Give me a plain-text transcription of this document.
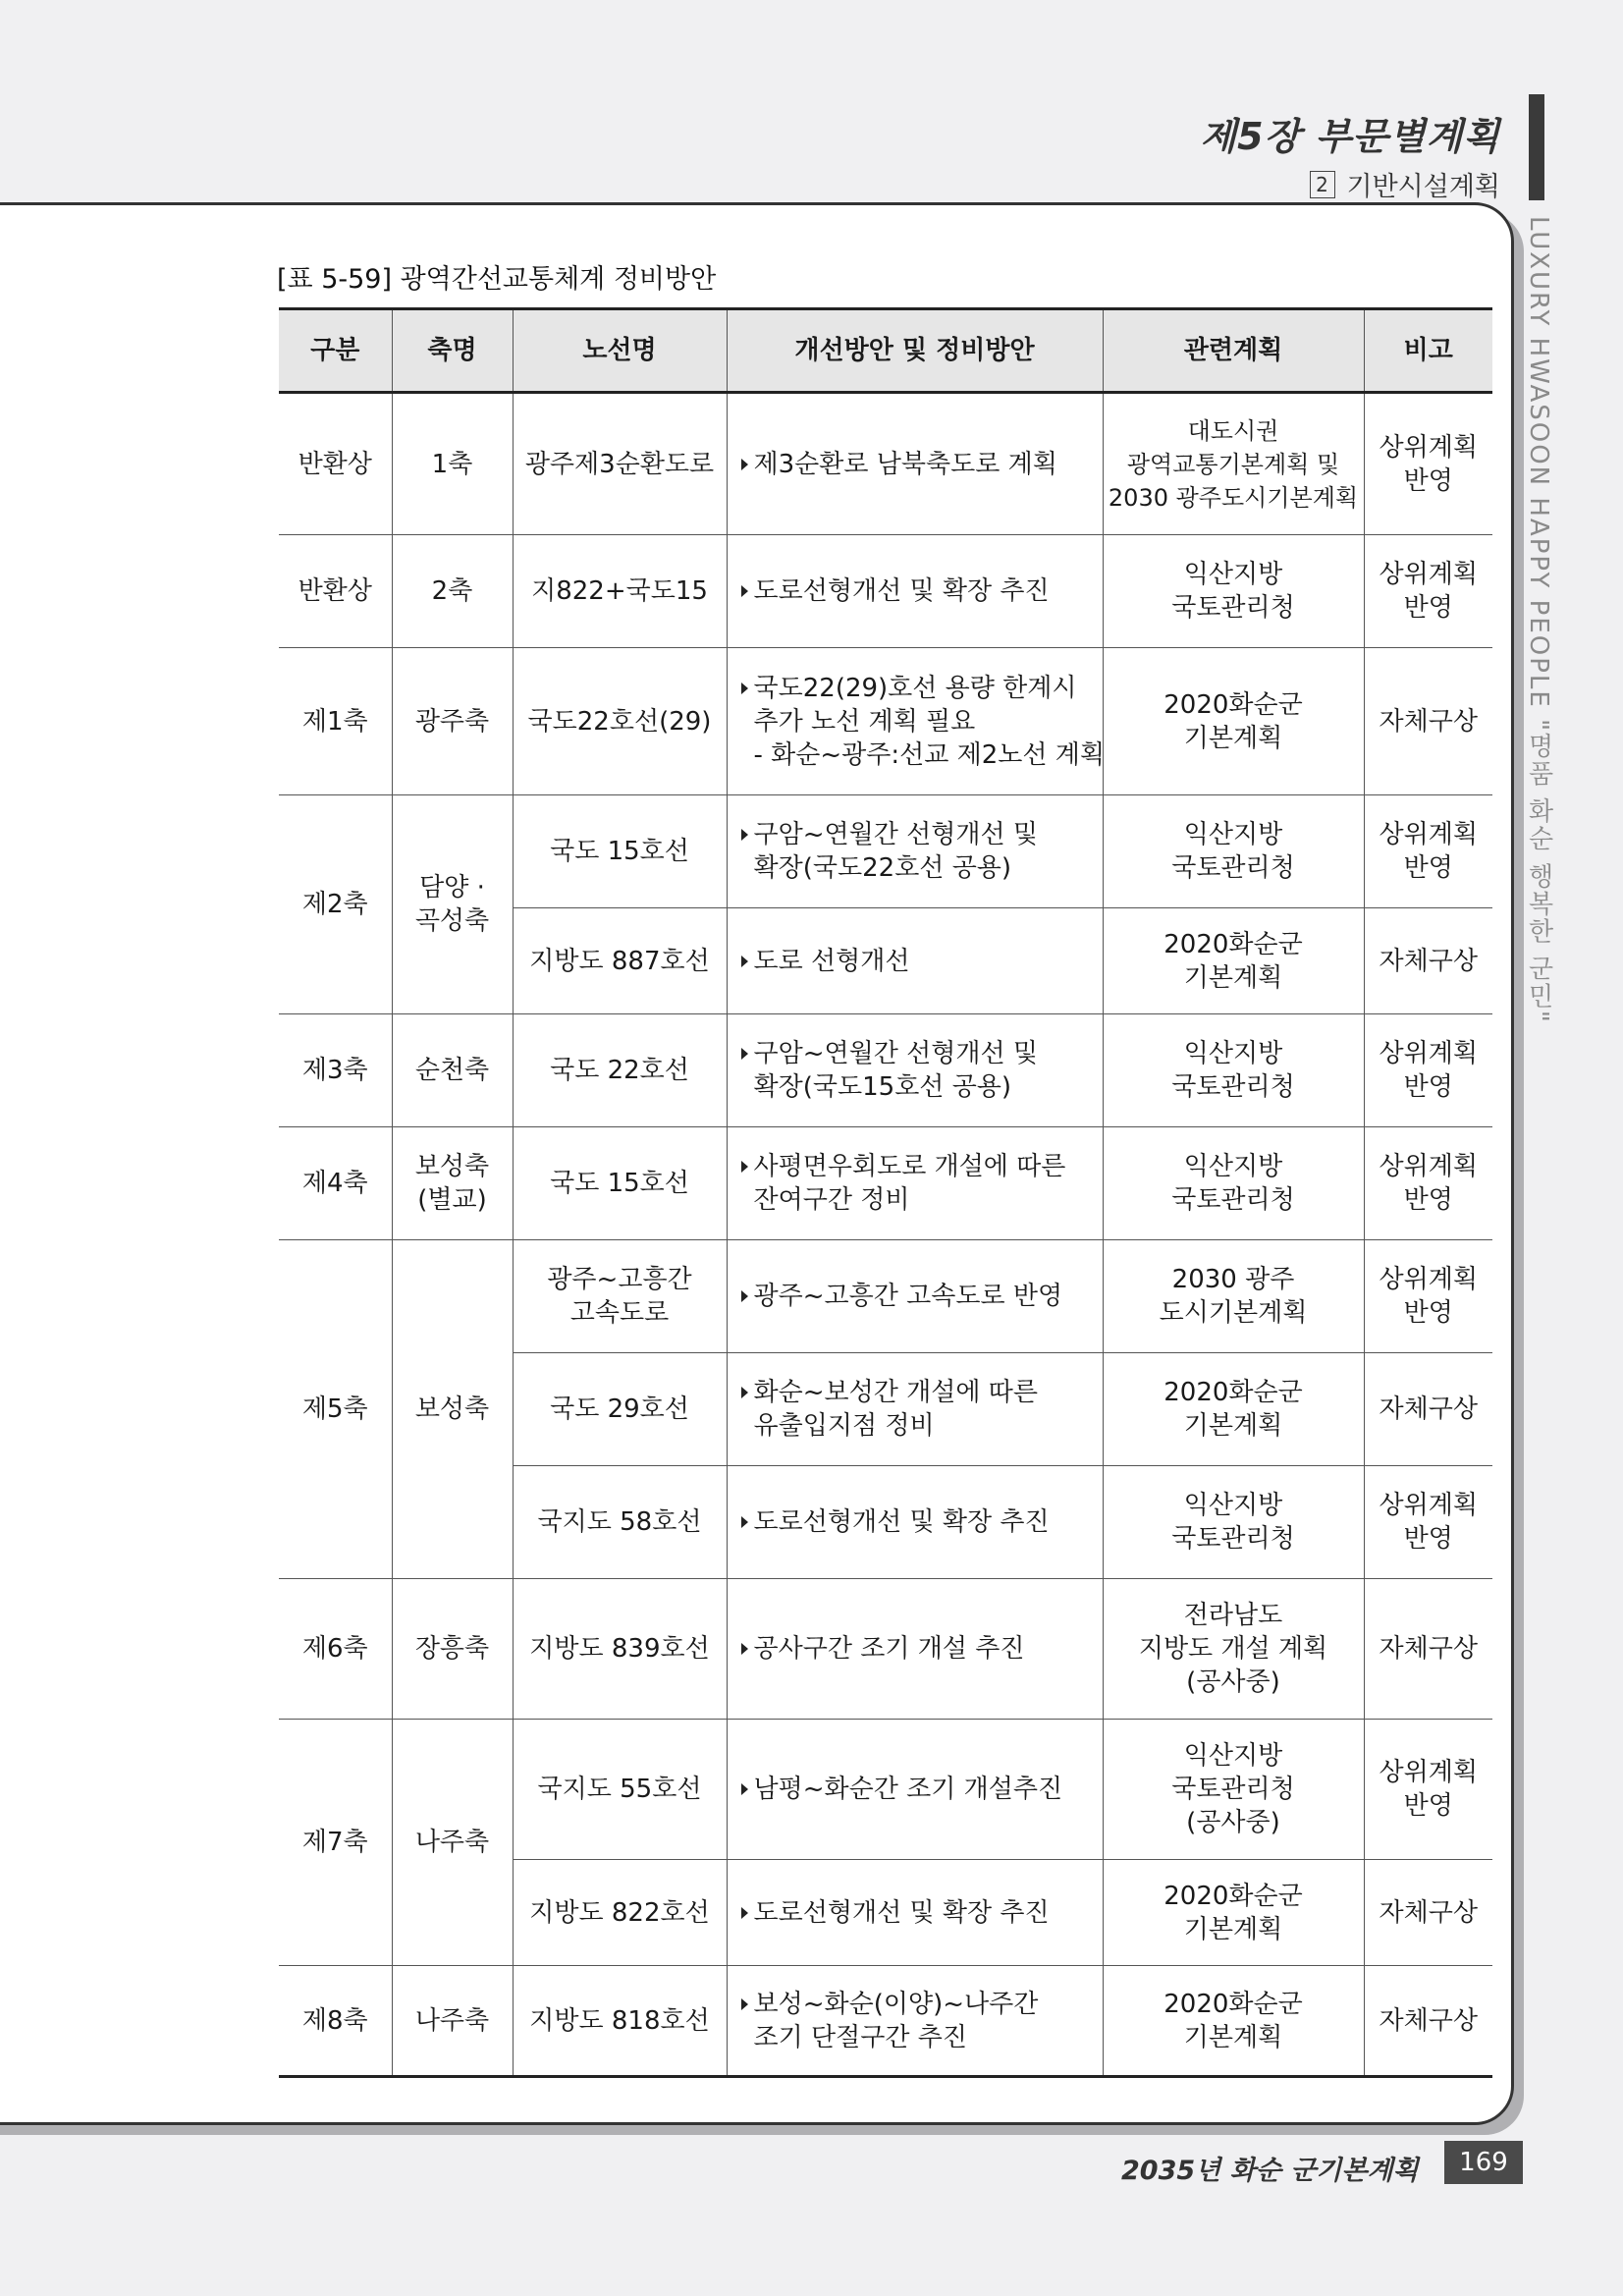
제5장 부문별계획
2 기반시설계획
LUXURY HWASOON HAPPY PEOPLE "명품 화순 행복한 군민"
[표 5-59] 광역간선교통체계 정비방안
구분	축명	노선명	개선방안 및 정비방안	관련계획	비고
반환상	1축	광주제3순환도로	제3순환로 남북축도로 계획	대도시권
광역교통기본계획 및
2030 광주도시기본계획	상위계획
반영

반환상	2축	지822+국도15	도로선형개선 및 확장 추진	익산지방
국토관리청	상위계획
반영

제1축	광주축	국도22호선(29)	국도22(29)호선 용량 한계시
추가 노선 계획 필요
- 화순~광주:선교 제2노선 계획	2020화순군
기본계획	자체구상

제2축	담양 · 곡성축	국도 15호선	구암~연월간 선형개선 및
확장(국도22호선 공용)	익산지방
국토관리청	상위계획
반영

		지방도 887호선	도로 선형개선	2020화순군
기본계획	자체구상

제3축	순천축	국도 22호선	구암~연월간 선형개선 및
확장(국도15호선 공용)	익산지방
국토관리청	상위계획
반영

제4축	보성축 (별교)	국도 15호선	사평면우회도로 개설에 따른
잔여구간 정비	익산지방
국토관리청	상위계획
반영

제5축	보성축	광주~고흥간
고속도로	광주~고흥간 고속도로 반영	2030 광주
도시기본계획	상위계획
반영

		국도 29호선	화순~보성간 개설에 따른
유출입지점 정비	2020화순군
기본계획	자체구상

		국지도 58호선	도로선형개선 및 확장 추진	익산지방
국토관리청	상위계획
반영

제6축	장흥축	지방도 839호선	공사구간 조기 개설 추진	전라남도
지방도 개설 계획
(공사중)	자체구상

제7축	나주축	국지도 55호선	남평~화순간 조기 개설추진	익산지방
국토관리청
(공사중)	상위계획
반영

		지방도 822호선	도로선형개선 및 확장 추진	2020화순군
기본계획	자체구상

제8축	나주축	지방도 818호선	보성~화순(이양)~나주간
조기 단절구간 추진	2020화순군
기본계획	자체구상
2035년 화순 군기본계획	169
